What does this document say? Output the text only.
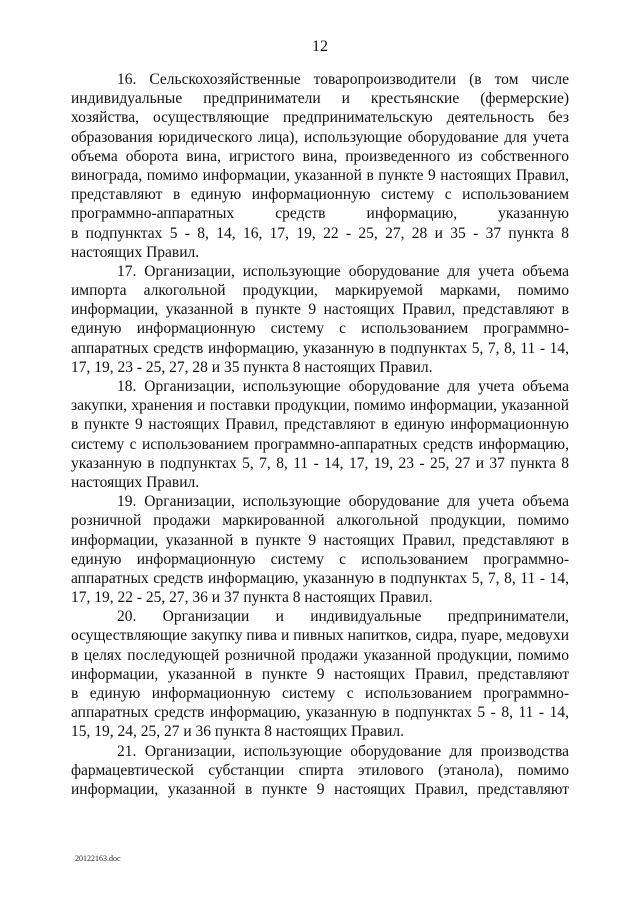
12
16. Сельскохозяйственные товаропроизводители (в том числе
индивидуальные предприниматели и крестьянские (фермерские)
хозяйства, осуществляющие предпринимательскую деятельность без
образования юридического лица), использующие оборудование для учета
объема оборота вина, игристого вина, произведенного из собственного
винограда, помимо информации, указанной в пункте 9 настоящих Правил,
представляют в единую информационную систему с использованием
программно-аппаратных средств информацию, указанную
в подпунктах 5 - 8, 14, 16, 17, 19, 22 - 25, 27, 28 и 35 - 37 пункта 8
настоящих Правил.
17. Организации, использующие оборудование для учета объема
импорта алкогольной продукции, маркируемой марками, помимо
информации, указанной в пункте 9 настоящих Правил, представляют в
единую информационную систему с использованием программно-
аппаратных средств информацию, указанную в подпунктах 5, 7, 8, 11 - 14,
17, 19, 23 - 25, 27, 28 и 35 пункта 8 настоящих Правил.
18. Организации, использующие оборудование для учета объема
закупки, хранения и поставки продукции, помимо информации, указанной
в пункте 9 настоящих Правил, представляют в единую информационную
систему с использованием программно-аппаратных средств информацию,
указанную в подпунктах 5, 7, 8, 11 - 14, 17, 19, 23 - 25, 27 и 37 пункта 8
настоящих Правил.
19. Организации, использующие оборудование для учета объема
розничной продажи маркированной алкогольной продукции, помимо
информации, указанной в пункте 9 настоящих Правил, представляют в
единую информационную систему с использованием программно-
аппаратных средств информацию, указанную в подпунктах 5, 7, 8, 11 - 14,
17, 19, 22 - 25, 27, 36 и 37 пункта 8 настоящих Правил.
20. Организации и индивидуальные предприниматели,
осуществляющие закупку пива и пивных напитков, сидра, пуаре, медовухи
в целях последующей розничной продажи указанной продукции, помимо
информации, указанной в пункте 9 настоящих Правил, представляют
в единую информационную систему с использованием программно-
аппаратных средств информацию, указанную в подпунктах 5 - 8, 11 - 14,
15, 19, 24, 25, 27 и 36 пункта 8 настоящих Правил.
21. Организации, использующие оборудование для производства
фармацевтической субстанции спирта этилового (этанола), помимо
информации, указанной в пункте 9 настоящих Правил, представляют
20122163.doc
